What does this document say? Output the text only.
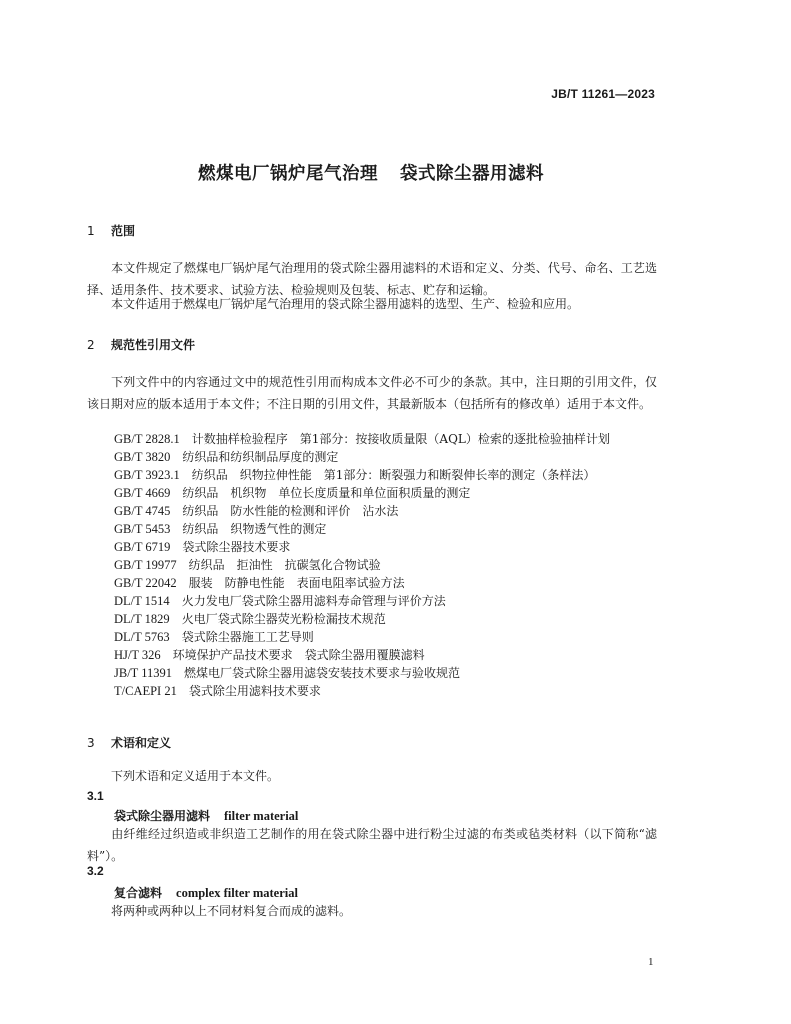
JB/T 11261—2023
燃煤电厂锅炉尾气治理 袋式除尘器用滤料
1 范围
本文件规定了燃煤电厂锅炉尾气治理用的袋式除尘器用滤料的术语和定义、分类、代号、命名、工艺选择、适用条件、技术要求、试验方法、检验规则及包装、标志、贮存和运输。
本文件适用于燃煤电厂锅炉尾气治理用的袋式除尘器用滤料的选型、生产、检验和应用。
2 规范性引用文件
下列文件中的内容通过文中的规范性引用而构成本文件必不可少的条款。其中，注日期的引用文件，仅该日期对应的版本适用于本文件；不注日期的引用文件，其最新版本（包括所有的修改单）适用于本文件。
GB/T 2828.1　 计数抽样检验程序　第1部分：按接收质量限（AQL）检索的逐批检验抽样计划
GB/T 3820　 纺织品和纺织制品厚度的测定
GB/T 3923.1　 纺织品　织物拉伸性能　第1部分：断裂强力和断裂伸长率的测定（条样法）
GB/T 4669　 纺织品　机织物　单位长度质量和单位面积质量的测定
GB/T 4745　 纺织品　防水性能的检测和评价　沾水法
GB/T 5453　 纺织品　织物透气性的测定
GB/T 6719　 袋式除尘器技术要求
GB/T 19977　 纺织品　拒油性　抗碳氢化合物试验
GB/T 22042　 服装　防静电性能　表面电阻率试验方法
DL/T 1514　 火力发电厂袋式除尘器用滤料寿命管理与评价方法
DL/T 1829　 火电厂袋式除尘器荧光粉检漏技术规范
DL/T 5763　 袋式除尘器施工工艺导则
HJ/T 326　 环境保护产品技术要求　袋式除尘器用覆膜滤料
JB/T 11391　 燃煤电厂袋式除尘器用滤袋安装技术要求与验收规范
T/CAEPI 21　 袋式除尘用滤料技术要求
3 术语和定义
下列术语和定义适用于本文件。
3.1
袋式除尘器用滤料 filter material
由纤维经过织造或非织造工艺制作的用在袋式除尘器中进行粉尘过滤的布类或毡类材料（以下简称“滤料”）。
3.2
复合滤料 complex filter material
将两种或两种以上不同材料复合而成的滤料。
1
